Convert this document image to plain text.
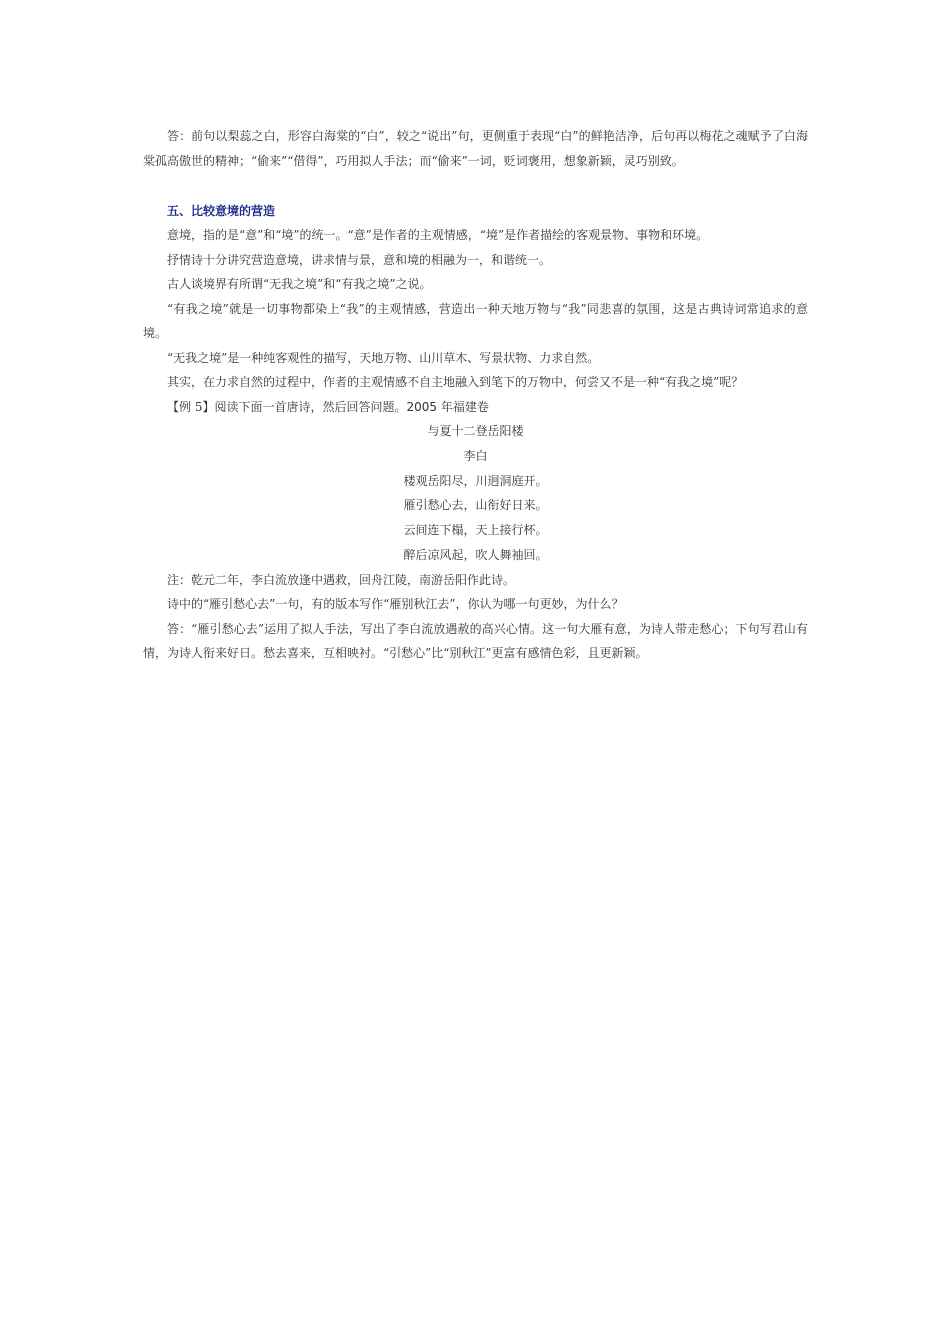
答：前句以梨蕊之白，形容白海棠的“白”，较之“说出”句，更侧重于表现“白”的鲜艳洁净，后句再以梅花之魂赋予了白海棠孤高傲世的精神；“偷来”“借得”，巧用拟人手法；而“偷来”一词，贬词褒用，想象新颖，灵巧别致。

五、比较意境的营造

意境，指的是“意”和“境”的统一。“意”是作者的主观情感，“境”是作者描绘的客观景物、事物和环境。

抒情诗十分讲究营造意境，讲求情与景，意和境的相融为一，和谐统一。

古人谈境界有所谓“无我之境”和“有我之境”之说。

“有我之境”就是一切事物都染上“我”的主观情感，营造出一种天地万物与“我”同悲喜的氛围，这是古典诗词常追求的意境。

“无我之境”是一种纯客观性的描写，天地万物、山川草木、写景状物、力求自然。

其实，在力求自然的过程中，作者的主观情感不自主地融入到笔下的万物中，何尝又不是一种“有我之境”呢？

【例 5】阅读下面一首唐诗，然后回答问题。2005 年福建卷

与夏十二登岳阳楼

李白

楼观岳阳尽，川迥洞庭开。

雁引愁心去，山衔好日来。

云间连下榻，天上接行杯。

醉后凉风起，吹人舞袖回。

注：乾元二年，李白流放逢中遇救，回舟江陵，南游岳阳作此诗。

诗中的“雁引愁心去”一句，有的版本写作“雁别秋江去”，你认为哪一句更妙，为什么？

答：“雁引愁心去”运用了拟人手法，写出了李白流放遇赦的高兴心情。这一句大雁有意，为诗人带走愁心；下句写君山有情，为诗人衔来好日。愁去喜来，互相映衬。“引愁心”比“别秋江”更富有感情色彩，且更新颖。
